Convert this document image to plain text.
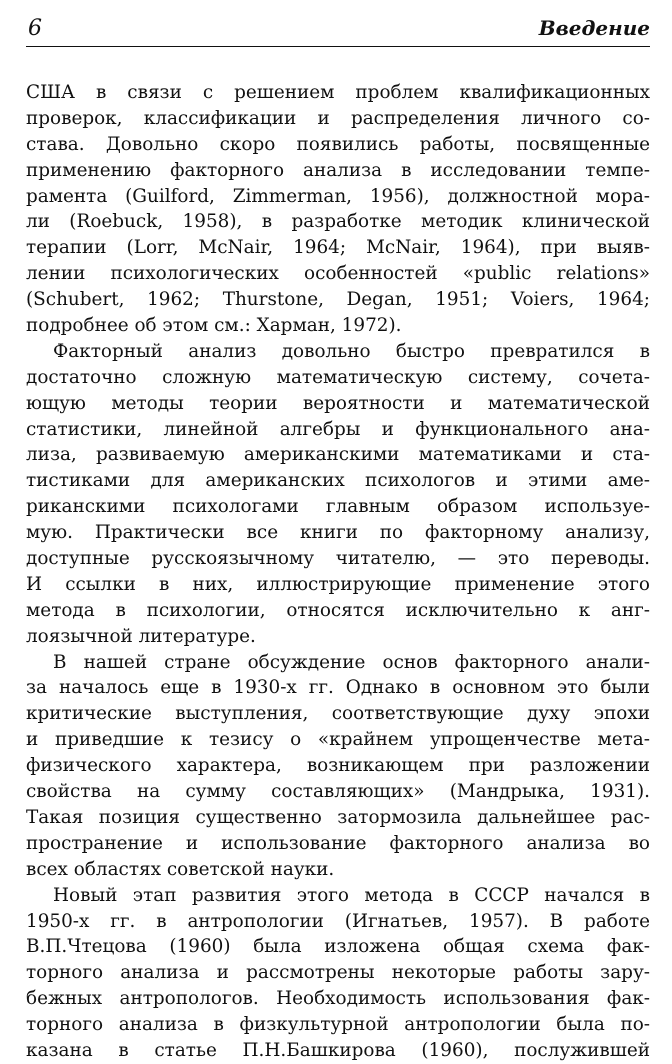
6	Введение

США в связи с решением проблем квалификационных
проверок, классификации и распределения личного со-
става. Довольно скоро появились работы, посвященные
применению факторного анализа в исследовании темпе-
рамента (Guilford, Zimmerman, 1956), должностной мора-
ли (Roebuck, 1958), в разработке методик клинической
терапии (Lorr, McNair, 1964; McNair, 1964), при выяв-
лении психологических особенностей «public relations»
(Schubert, 1962; Thurstone, Degan, 1951; Voiers, 1964;
подробнее об этом см.: Харман, 1972).

Факторный анализ довольно быстро превратился в
достаточно сложную математическую систему, сочета-
ющую методы теории вероятности и математической
статистики, линейной алгебры и функционального ана-
лиза, развиваемую американскими математиками и ста-
тистиками для американских психологов и этими аме-
риканскими психологами главным образом используе-
мую. Практически все книги по факторному анализу,
доступные русскоязычному читателю, — это переводы.
И ссылки в них, иллюстрирующие применение этого
метода в психологии, относятся исключительно к анг-
лоязычной литературе.

В нашей стране обсуждение основ факторного анали-
за началось еще в 1930-х гг. Однако в основном это были
критические выступления, соответствующие духу эпохи
и приведшие к тезису о «крайнем упрощенчестве мета-
физического характера, возникающем при разложении
свойства на сумму составляющих» (Мандрыка, 1931).
Такая позиция существенно затормозила дальнейшее рас-
пространение и использование факторного анализа во
всех областях советской науки.

Новый этап развития этого метода в СССР начался в
1950-х гг. в антропологии (Игнатьев, 1957). В работе
В.П.Чтецова (1960) была изложена общая схема фак-
торного анализа и рассмотрены некоторые работы зару-
бежных антропологов. Необходимость использования фак-
торного анализа в физкультурной антропологии была по-
казана в статье П.Н.Башкирова (1960), послужившей
